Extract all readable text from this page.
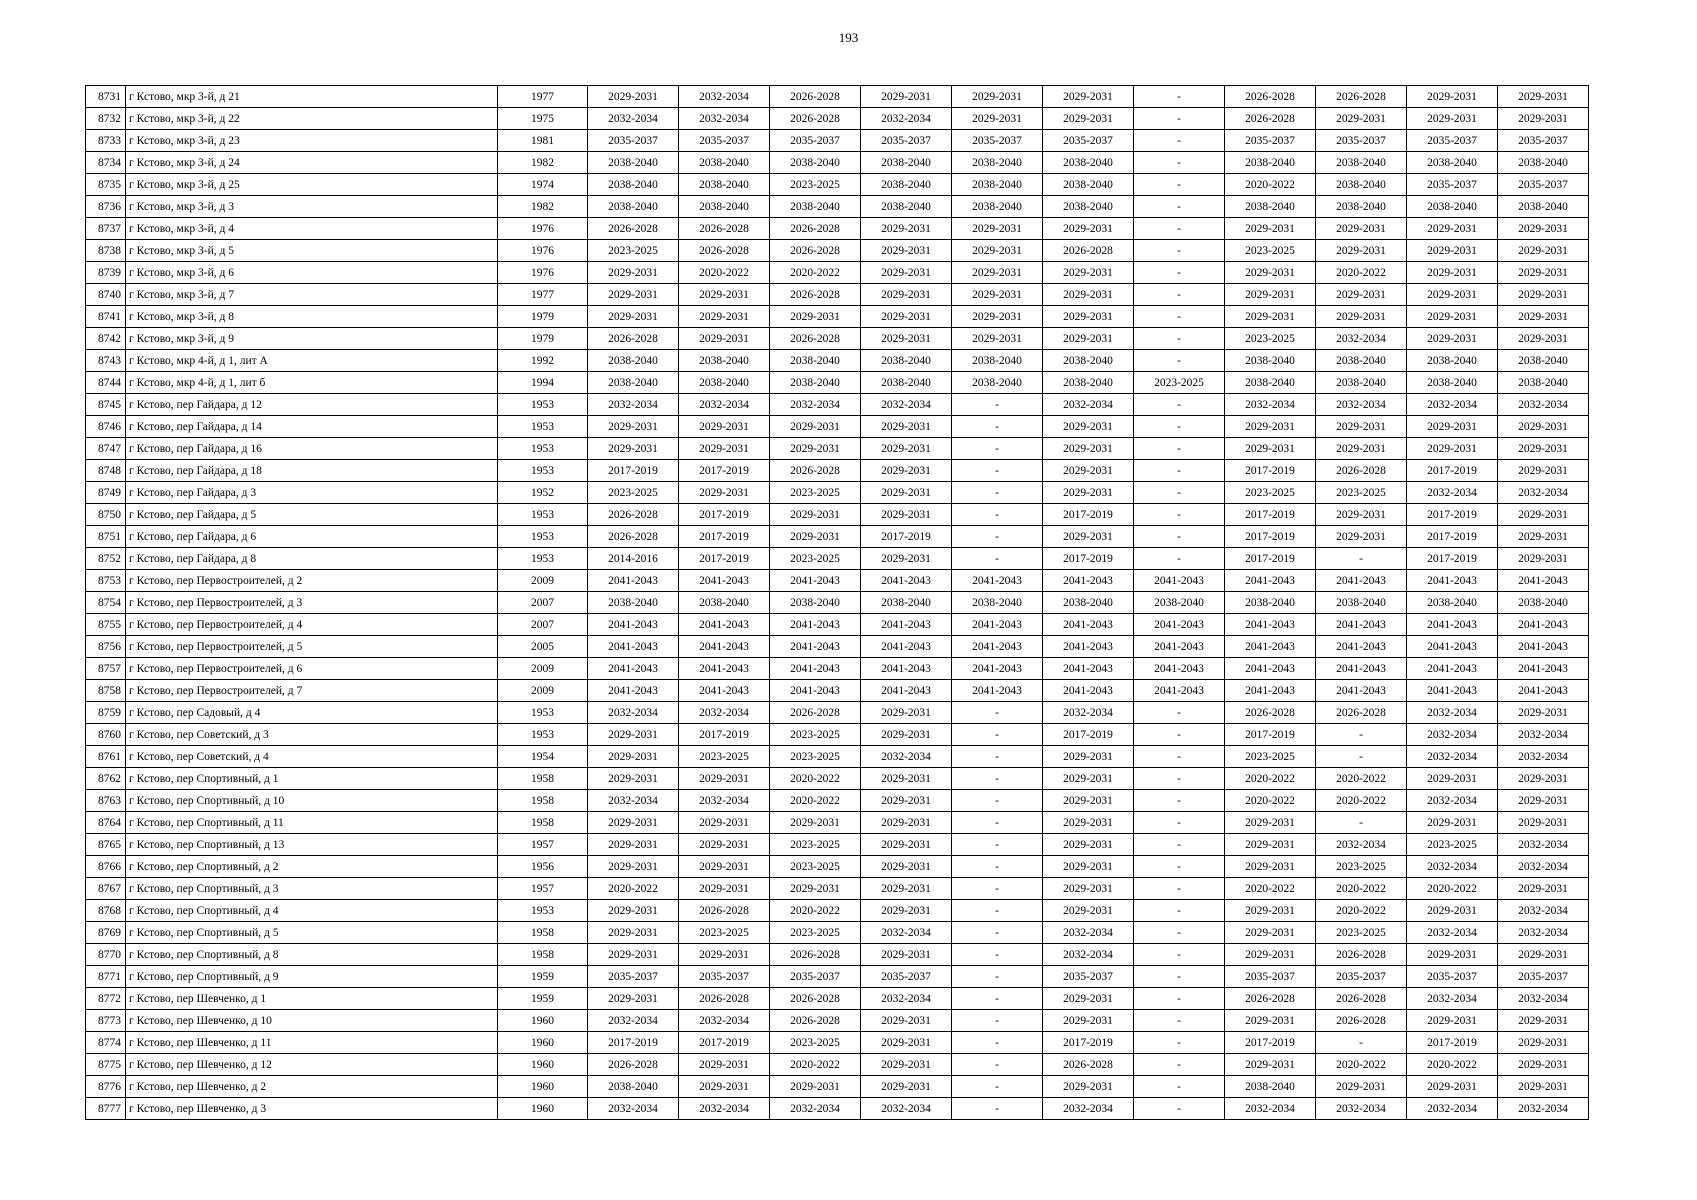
193
8731	г Кстово, мкр 3-й, д 21	1977	2029-2031	2032-2034	2026-2028	2029-2031	2029-2031	2029-2031	-	2026-2028	2026-2028	2029-2031	2029-2031
8732	г Кстово, мкр 3-й, д 22	1975	2032-2034	2032-2034	2026-2028	2032-2034	2029-2031	2029-2031	-	2026-2028	2029-2031	2029-2031	2029-2031
8733	г Кстово, мкр 3-й, д 23	1981	2035-2037	2035-2037	2035-2037	2035-2037	2035-2037	2035-2037	-	2035-2037	2035-2037	2035-2037	2035-2037
8734	г Кстово, мкр 3-й, д 24	1982	2038-2040	2038-2040	2038-2040	2038-2040	2038-2040	2038-2040	-	2038-2040	2038-2040	2038-2040	2038-2040
8735	г Кстово, мкр 3-й, д 25	1974	2038-2040	2038-2040	2023-2025	2038-2040	2038-2040	2038-2040	-	2020-2022	2038-2040	2035-2037	2035-2037
8736	г Кстово, мкр 3-й, д 3	1982	2038-2040	2038-2040	2038-2040	2038-2040	2038-2040	2038-2040	-	2038-2040	2038-2040	2038-2040	2038-2040
8737	г Кстово, мкр 3-й, д 4	1976	2026-2028	2026-2028	2026-2028	2029-2031	2029-2031	2029-2031	-	2029-2031	2029-2031	2029-2031	2029-2031
8738	г Кстово, мкр 3-й, д 5	1976	2023-2025	2026-2028	2026-2028	2029-2031	2029-2031	2026-2028	-	2023-2025	2029-2031	2029-2031	2029-2031
8739	г Кстово, мкр 3-й, д 6	1976	2029-2031	2020-2022	2020-2022	2029-2031	2029-2031	2029-2031	-	2029-2031	2020-2022	2029-2031	2029-2031
8740	г Кстово, мкр 3-й, д 7	1977	2029-2031	2029-2031	2026-2028	2029-2031	2029-2031	2029-2031	-	2029-2031	2029-2031	2029-2031	2029-2031
8741	г Кстово, мкр 3-й, д 8	1979	2029-2031	2029-2031	2029-2031	2029-2031	2029-2031	2029-2031	-	2029-2031	2029-2031	2029-2031	2029-2031
8742	г Кстово, мкр 3-й, д 9	1979	2026-2028	2029-2031	2026-2028	2029-2031	2029-2031	2029-2031	-	2023-2025	2032-2034	2029-2031	2029-2031
8743	г Кстово, мкр 4-й, д 1, лит А	1992	2038-2040	2038-2040	2038-2040	2038-2040	2038-2040	2038-2040	-	2038-2040	2038-2040	2038-2040	2038-2040
8744	г Кстово, мкр 4-й, д 1, лит б	1994	2038-2040	2038-2040	2038-2040	2038-2040	2038-2040	2038-2040	2023-2025	2038-2040	2038-2040	2038-2040	2038-2040
8745	г Кстово, пер Гайдара, д 12	1953	2032-2034	2032-2034	2032-2034	2032-2034	-	2032-2034	-	2032-2034	2032-2034	2032-2034	2032-2034
8746	г Кстово, пер Гайдара, д 14	1953	2029-2031	2029-2031	2029-2031	2029-2031	-	2029-2031	-	2029-2031	2029-2031	2029-2031	2029-2031
8747	г Кстово, пер Гайдара, д 16	1953	2029-2031	2029-2031	2029-2031	2029-2031	-	2029-2031	-	2029-2031	2029-2031	2029-2031	2029-2031
8748	г Кстово, пер Гайдара, д 18	1953	2017-2019	2017-2019	2026-2028	2029-2031	-	2029-2031	-	2017-2019	2026-2028	2017-2019	2029-2031
8749	г Кстово, пер Гайдара, д 3	1952	2023-2025	2029-2031	2023-2025	2029-2031	-	2029-2031	-	2023-2025	2023-2025	2032-2034	2032-2034
8750	г Кстово, пер Гайдара, д 5	1953	2026-2028	2017-2019	2029-2031	2029-2031	-	2017-2019	-	2017-2019	2029-2031	2017-2019	2029-2031
8751	г Кстово, пер Гайдара, д 6	1953	2026-2028	2017-2019	2029-2031	2017-2019	-	2029-2031	-	2017-2019	2029-2031	2017-2019	2029-2031
8752	г Кстово, пер Гайдара, д 8	1953	2014-2016	2017-2019	2023-2025	2029-2031	-	2017-2019	-	2017-2019	-	2017-2019	2029-2031
8753	г Кстово, пер Первостроителей, д 2	2009	2041-2043	2041-2043	2041-2043	2041-2043	2041-2043	2041-2043	2041-2043	2041-2043	2041-2043	2041-2043	2041-2043
8754	г Кстово, пер Первостроителей, д 3	2007	2038-2040	2038-2040	2038-2040	2038-2040	2038-2040	2038-2040	2038-2040	2038-2040	2038-2040	2038-2040	2038-2040
8755	г Кстово, пер Первостроителей, д 4	2007	2041-2043	2041-2043	2041-2043	2041-2043	2041-2043	2041-2043	2041-2043	2041-2043	2041-2043	2041-2043	2041-2043
8756	г Кстово, пер Первостроителей, д 5	2005	2041-2043	2041-2043	2041-2043	2041-2043	2041-2043	2041-2043	2041-2043	2041-2043	2041-2043	2041-2043	2041-2043
8757	г Кстово, пер Первостроителей, д 6	2009	2041-2043	2041-2043	2041-2043	2041-2043	2041-2043	2041-2043	2041-2043	2041-2043	2041-2043	2041-2043	2041-2043
8758	г Кстово, пер Первостроителей, д 7	2009	2041-2043	2041-2043	2041-2043	2041-2043	2041-2043	2041-2043	2041-2043	2041-2043	2041-2043	2041-2043	2041-2043
8759	г Кстово, пер Садовый, д 4	1953	2032-2034	2032-2034	2026-2028	2029-2031	-	2032-2034	-	2026-2028	2026-2028	2032-2034	2029-2031
8760	г Кстово, пер Советский, д 3	1953	2029-2031	2017-2019	2023-2025	2029-2031	-	2017-2019	-	2017-2019	-	2032-2034	2032-2034
8761	г Кстово, пер Советский, д 4	1954	2029-2031	2023-2025	2023-2025	2032-2034	-	2029-2031	-	2023-2025	-	2032-2034	2032-2034
8762	г Кстово, пер Спортивный, д 1	1958	2029-2031	2029-2031	2020-2022	2029-2031	-	2029-2031	-	2020-2022	2020-2022	2029-2031	2029-2031
8763	г Кстово, пер Спортивный, д 10	1958	2032-2034	2032-2034	2020-2022	2029-2031	-	2029-2031	-	2020-2022	2020-2022	2032-2034	2029-2031
8764	г Кстово, пер Спортивный, д 11	1958	2029-2031	2029-2031	2029-2031	2029-2031	-	2029-2031	-	2029-2031	-	2029-2031	2029-2031
8765	г Кстово, пер Спортивный, д 13	1957	2029-2031	2029-2031	2023-2025	2029-2031	-	2029-2031	-	2029-2031	2032-2034	2023-2025	2032-2034
8766	г Кстово, пер Спортивный, д 2	1956	2029-2031	2029-2031	2023-2025	2029-2031	-	2029-2031	-	2029-2031	2023-2025	2032-2034	2032-2034
8767	г Кстово, пер Спортивный, д 3	1957	2020-2022	2029-2031	2029-2031	2029-2031	-	2029-2031	-	2020-2022	2020-2022	2020-2022	2029-2031
8768	г Кстово, пер Спортивный, д 4	1953	2029-2031	2026-2028	2020-2022	2029-2031	-	2029-2031	-	2029-2031	2020-2022	2029-2031	2032-2034
8769	г Кстово, пер Спортивный, д 5	1958	2029-2031	2023-2025	2023-2025	2032-2034	-	2032-2034	-	2029-2031	2023-2025	2032-2034	2032-2034
8770	г Кстово, пер Спортивный, д 8	1958	2029-2031	2029-2031	2026-2028	2029-2031	-	2032-2034	-	2029-2031	2026-2028	2029-2031	2029-2031
8771	г Кстово, пер Спортивный, д 9	1959	2035-2037	2035-2037	2035-2037	2035-2037	-	2035-2037	-	2035-2037	2035-2037	2035-2037	2035-2037
8772	г Кстово, пер Шевченко, д 1	1959	2029-2031	2026-2028	2026-2028	2032-2034	-	2029-2031	-	2026-2028	2026-2028	2032-2034	2032-2034
8773	г Кстово, пер Шевченко, д 10	1960	2032-2034	2032-2034	2026-2028	2029-2031	-	2029-2031	-	2029-2031	2026-2028	2029-2031	2029-2031
8774	г Кстово, пер Шевченко, д 11	1960	2017-2019	2017-2019	2023-2025	2029-2031	-	2017-2019	-	2017-2019	-	2017-2019	2029-2031
8775	г Кстово, пер Шевченко, д 12	1960	2026-2028	2029-2031	2020-2022	2029-2031	-	2026-2028	-	2029-2031	2020-2022	2020-2022	2029-2031
8776	г Кстово, пер Шевченко, д 2	1960	2038-2040	2029-2031	2029-2031	2029-2031	-	2029-2031	-	2038-2040	2029-2031	2029-2031	2029-2031
8777	г Кстово, пер Шевченко, д 3	1960	2032-2034	2032-2034	2032-2034	2032-2034	-	2032-2034	-	2032-2034	2032-2034	2032-2034	2032-2034
